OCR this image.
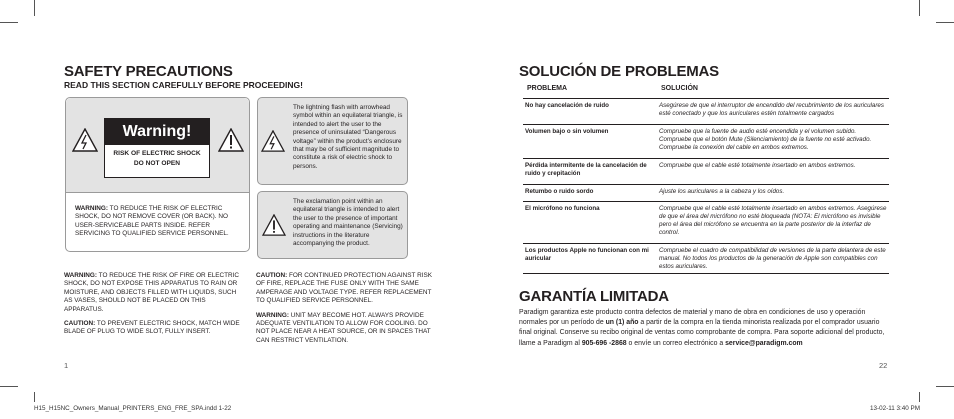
SAFETY PRECAUTIONS
READ THIS SECTION CAREFULLY BEFORE PROCEEDING!
Warning!
RISK OF ELECTRIC SHOCK
DO NOT OPEN
WARNING: TO REDUCE THE RISK OF ELECTRIC SHOCK, DO NOT REMOVE COVER (OR BACK). NO USER-SERVICEABLE PARTS INSIDE. REFER SERVICING TO QUALIFIED SERVICE PERSONNEL.
The lightning flash with arrowhead symbol within an equilateral triangle, is intended to alert the user to the presence of uninsulated “Dangerous voltage” within the product’s enclosure that may be of sufficient magnitude to constitute a risk of electric shock to persons.
The exclamation point within an equilateral triangle is intended to alert the user to the presence of important operating and maintenance (Servicing) instructions in the literature accompanying the product.

WARNING: TO REDUCE THE RISK OF FIRE OR ELECTRIC SHOCK, DO NOT EXPOSE THIS APPARATUS TO RAIN OR MOISTURE, AND OBJECTS FILLED WITH LIQUIDS, SUCH AS VASES, SHOULD NOT BE PLACED ON THIS APPARATUS.

CAUTION: TO PREVENT ELECTRIC SHOCK, MATCH WIDE BLADE OF PLUG TO WIDE SLOT, FULLY INSERT.

CAUTION: FOR CONTINUED PROTECTION AGAINST RISK OF FIRE, REPLACE THE FUSE ONLY WITH THE SAME AMPERAGE AND VOLTAGE TYPE. REFER REPLACEMENT TO QUALIFIED SERVICE PERSONNEL.

WARNING: UNIT MAY BECOME HOT. ALWAYS PROVIDE ADEQUATE VENTILATION TO ALLOW FOR COOLING. DO NOT PLACE NEAR A HEAT SOURCE, OR IN SPACES THAT CAN RESTRICT VENTILATION.

1
SOLUCIÓN DE PROBLEMAS
PROBLEMA	SOLUCIÓN
No hay cancelación de ruido	Asegúrese de que el interruptor de encendido del recubrimiento de los auriculares esté conectado y que los auriculares estén totalmente cargados
Volumen bajo o sin volumen	Compruebe que la fuente de audio esté encendida y el volumen subido. Compruebe que el botón Mute (Silenciamiento) de la fuente no esté activado. Compruebe la conexión del cable en ambos extremos.
Pérdida intermitente de la cancelación de ruido y crepitación	Compruebe que el cable esté totalmente insertado en ambos extremos.
Retumbo o ruido sordo	Ajuste los auriculares a la cabeza y los oídos.
El micrófono no funciona	Compruebe que el cable esté totalmente insertado en ambos extremos. Asegúrese de que el área del micrófono no esté bloqueada (NOTA: El micrófono es invisible pero el área del micrófono se encuentra en la parte posterior de la interfaz de control.
Los productos Apple no funcionan con mi auricular	Compruebe el cuadro de compatibilidad de versiones de la parte delantera de este manual. No todos los productos de la generación de Apple son compatibles con estos auriculares.
GARANTÍA LIMITADA

Paradigm garantiza este producto contra defectos de material y mano de obra en condiciones de uso y operación normales por un período de un (1) año a partir de la compra en la tienda minorista realizada por el comprador usuario final original. Conserve su recibo original de ventas como comprobante de compra. Para soporte adicional del producto, llame a Paradigm al 905-696 -2868 o envíe un correo electrónico a service@paradigm.com

22
H15_H15NC_Owners_Manual_PRINTERS_ENG_FRE_SPA.indd 1-22	13-02-11 3:40 PM
